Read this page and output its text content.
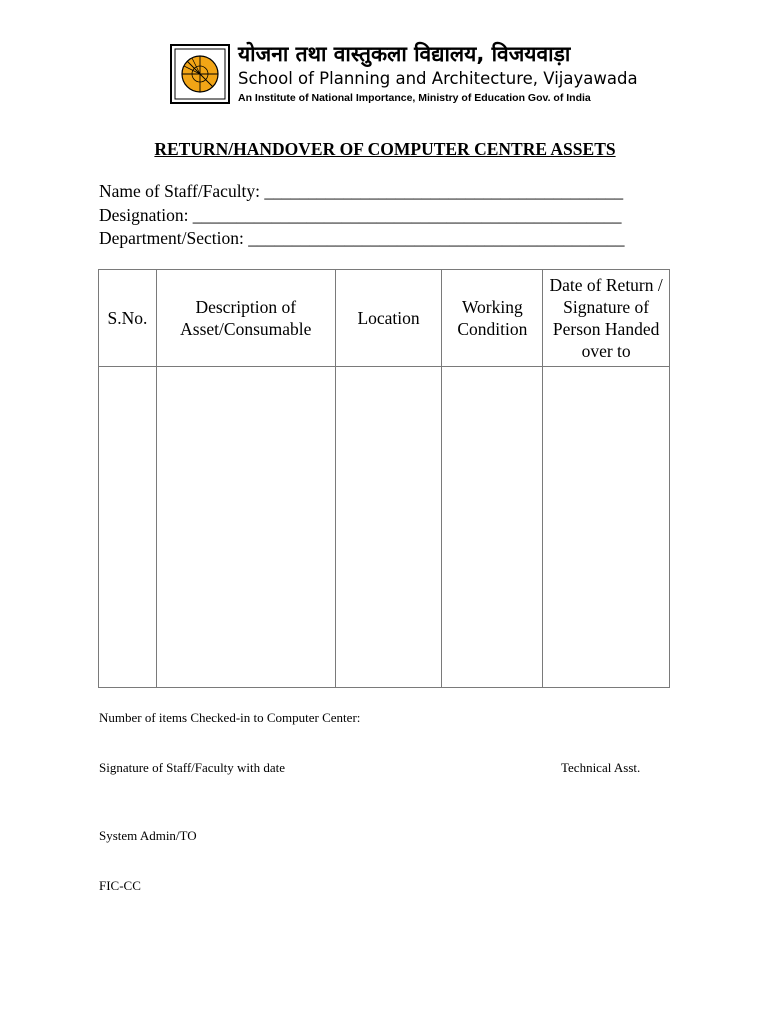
योजना तथा वास्तुकला विद्यालय, विजयवाड़ा
School of Planning and Architecture, Vijayawada
An Institute of National Importance, Ministry of Education Gov. of India
RETURN/HANDOVER OF COMPUTER CENTRE ASSETS
Name of Staff/Faculty: _________________________________________
Designation: _________________________________________________
Department/Section: ___________________________________________
S.No.	Description of Asset/Consumable	Location	Working Condition	Date of Return / Signature of Person Handed over to

Number of items Checked-in to Computer Center:
Signature of Staff/Faculty with date	Technical Asst.
System Admin/TO
FIC-CC
